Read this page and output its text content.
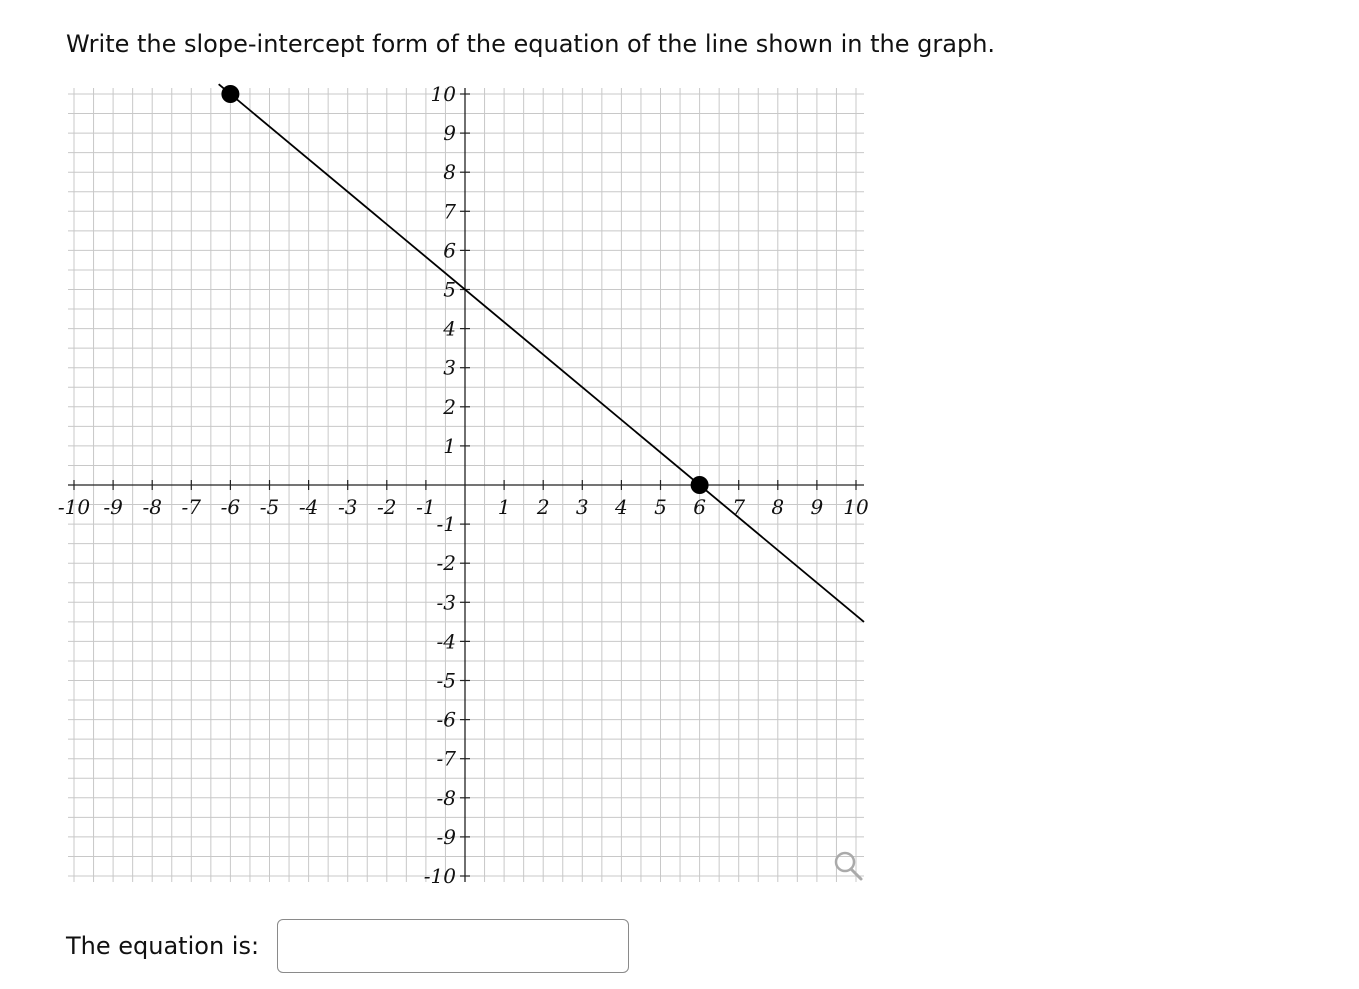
Write the slope-intercept form of the equation of the line shown in the graph.
-10 -9 -8 -7 -6 -5 -4 -3 -2 -1	1 2 3 4 5 6 7 8 9 10
-10
-9
-8
-7
-6
-5
-4
-3
-2
-1
1
2
3
4
5
6
7
8
9
10
The equation is:
